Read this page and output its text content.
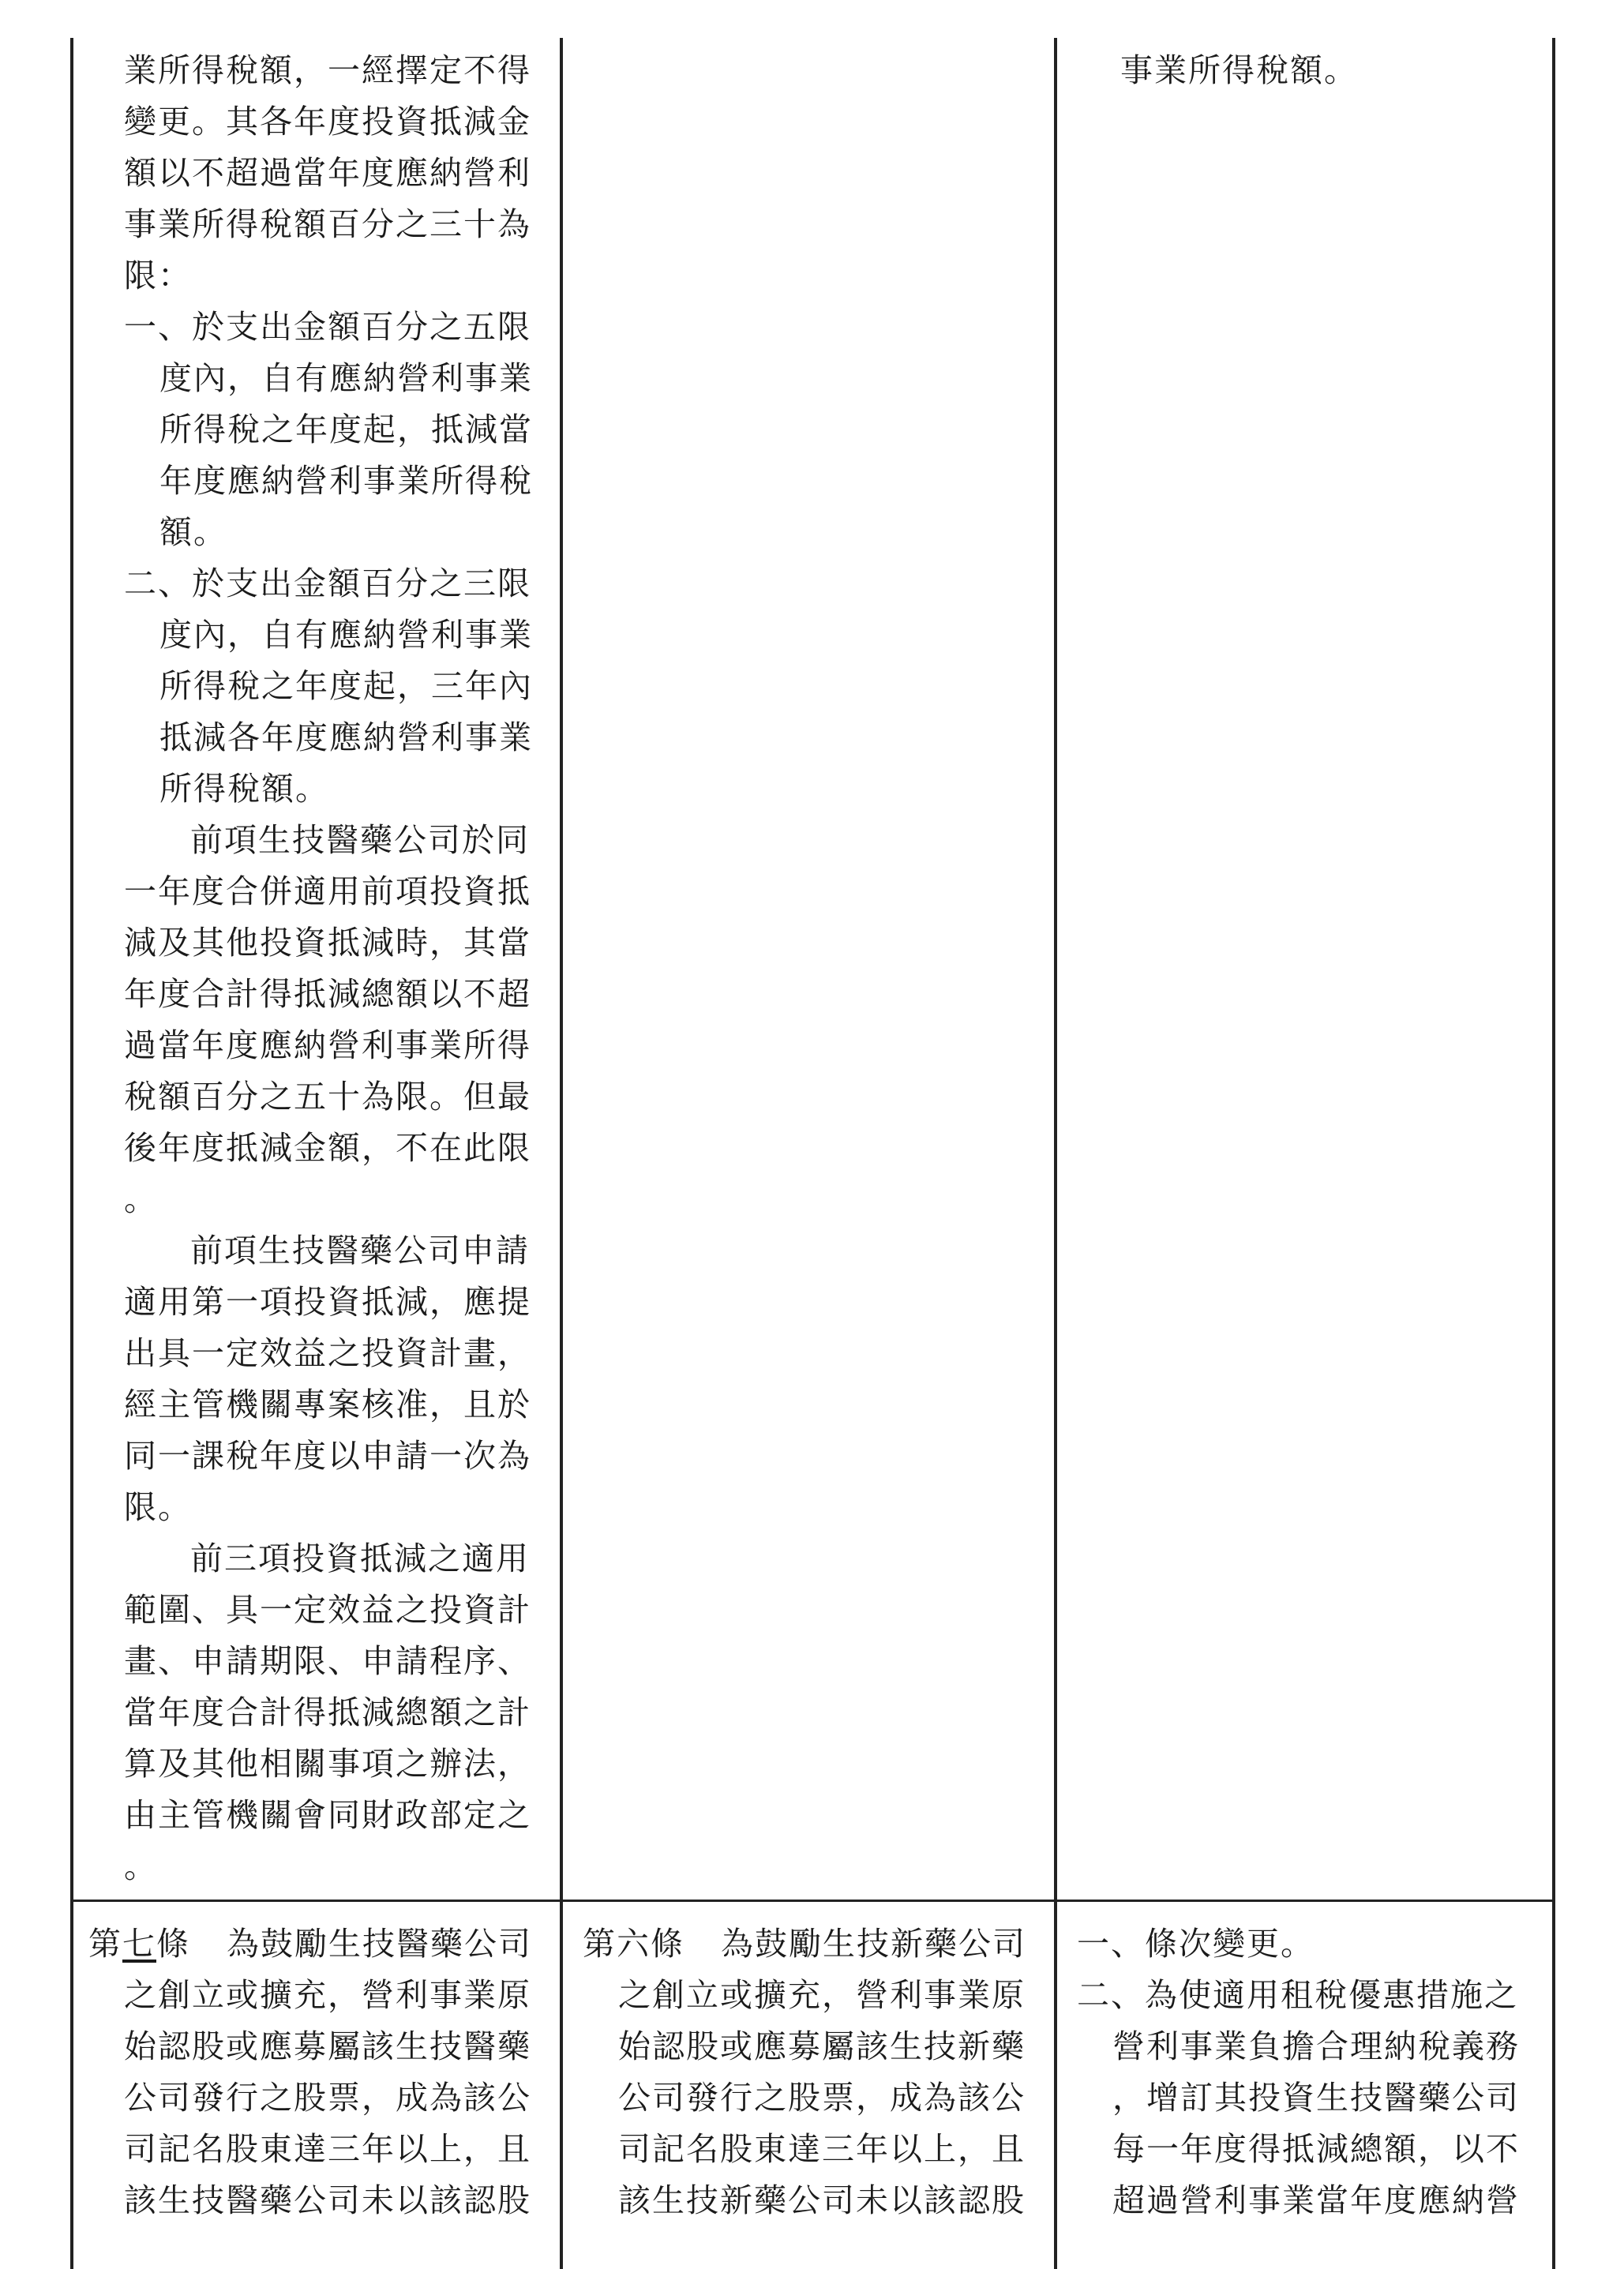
業所得稅額，一經擇定不得
變更。其各年度投資抵減金
額以不超過當年度應納營利
事業所得稅額百分之三十為
限：
一、於支出金額百分之五限
度內，自有應納營利事業
所得稅之年度起，抵減當
年度應納營利事業所得稅
額。
二、於支出金額百分之三限
度內，自有應納營利事業
所得稅之年度起，三年內
抵減各年度應納營利事業
所得稅額。
前項生技醫藥公司於同
一年度合併適用前項投資抵
減及其他投資抵減時，其當
年度合計得抵減總額以不超
過當年度應納營利事業所得
稅額百分之五十為限。但最
後年度抵減金額，不在此限
。
前項生技醫藥公司申請
適用第一項投資抵減，應提
出具一定效益之投資計畫，
經主管機關專案核准，且於
同一課稅年度以申請一次為
限。
前三項投資抵減之適用
範圍、具一定效益之投資計
畫、申請期限、申請程序、
當年度合計得抵減總額之計
算及其他相關事項之辦法，
由主管機關會同財政部定之
。
事業所得稅額。
第七條 為鼓勵生技醫藥公司
之創立或擴充，營利事業原
始認股或應募屬該生技醫藥
公司發行之股票，成為該公
司記名股東達三年以上，且
該生技醫藥公司未以該認股
第六條 為鼓勵生技新藥公司
之創立或擴充，營利事業原
始認股或應募屬該生技新藥
公司發行之股票，成為該公
司記名股東達三年以上，且
該生技新藥公司未以該認股
一、條次變更。
二、為使適用租稅優惠措施之
營利事業負擔合理納稅義務
，增訂其投資生技醫藥公司
每一年度得抵減總額，以不
超過營利事業當年度應納營
